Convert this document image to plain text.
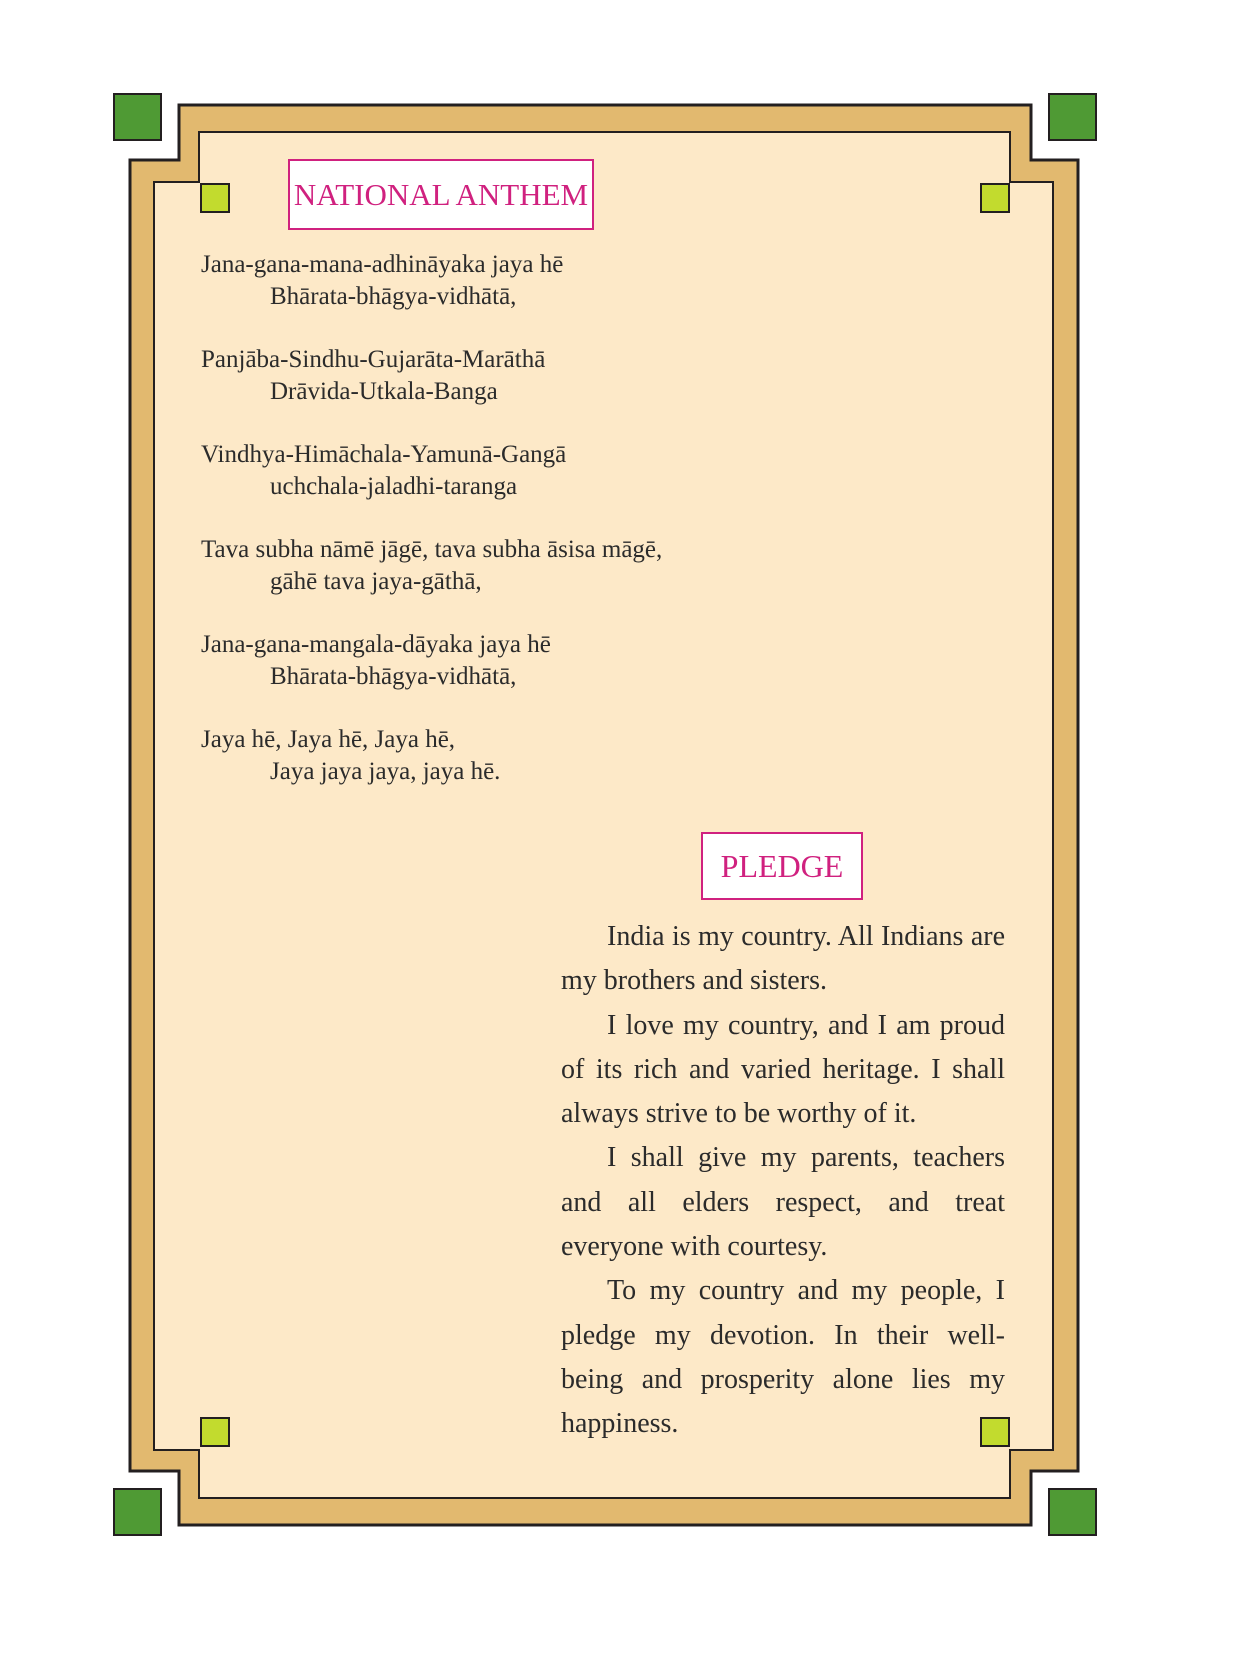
NATIONAL ANTHEM
Jana-gana-mana-adhināyaka jaya hē
Bhārata-bhāgya-vidhātā,
Panjāba-Sindhu-Gujarāta-Marāthā
Drāvida-Utkala-Banga
Vindhya-Himāchala-Yamunā-Gangā
uchchala-jaladhi-taranga
Tava subha nāmē jāgē, tava subha āsisa māgē,
gāhē tava jaya-gāthā,
Jana-gana-mangala-dāyaka jaya hē
Bhārata-bhāgya-vidhātā,
Jaya hē, Jaya hē, Jaya hē,
Jaya jaya jaya, jaya hē.
PLEDGE

India is my country. All Indians are my brothers and sisters.

I love my country, and I am proud of its rich and varied heritage. I shall always strive to be worthy of it.

I shall give my parents, teachers and all elders respect, and treat everyone with courtesy.

To my country and my people, I pledge my devotion. In their well-being and prosperity alone lies my happiness.
